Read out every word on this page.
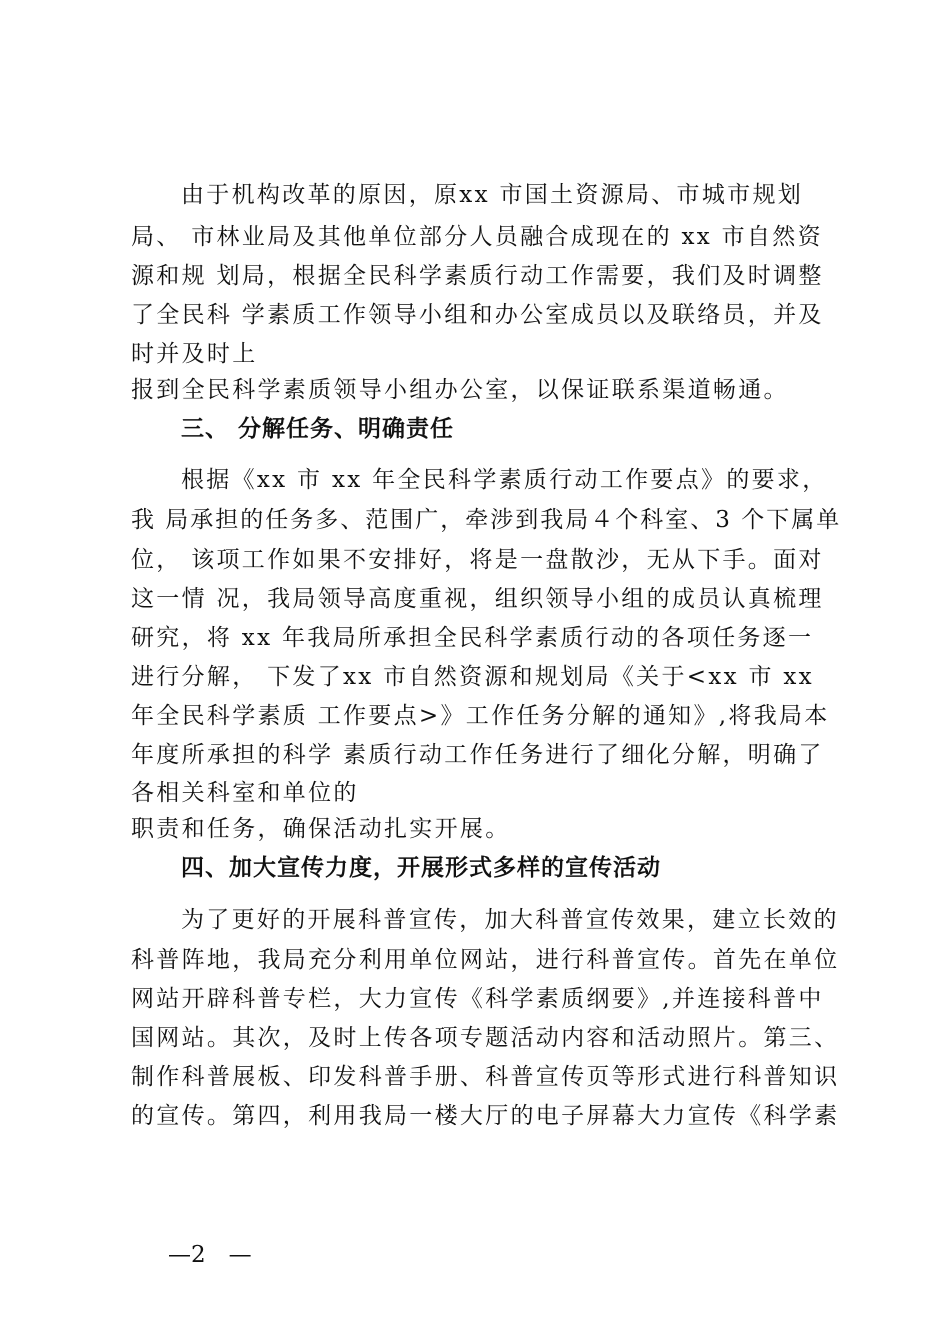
由于机构改革的原因，原xx 市国土资源局、市城市规划
局、 市林业局及其他单位部分人员融合成现在的 xx 市自然资
源和规 划局，根据全民科学素质行动工作需要，我们及时调整
了全民科 学素质工作领导小组和办公室成员以及联络员，并及
时并及时上
报到全民科学素质领导小组办公室，以保证联系渠道畅通。
三、 分解任务、明确责任
根据《xx 市 xx 年全民科学素质行动工作要点》的要求，
我 局承担的任务多、范围广，牵涉到我局４个科室、3 个下属单
位， 该项工作如果不安排好，将是一盘散沙，无从下手。面对
这一情 况，我局领导高度重视，组织领导小组的成员认真梳理
研究，将 xx 年我局所承担全民科学素质行动的各项任务逐一
进行分解， 下发了xx 市自然资源和规划局《关于<xx 市 xx
年全民科学素质 工作要点>》工作任务分解的通知》,将我局本
年度所承担的科学 素质行动工作任务进行了细化分解，明确了
各相关科室和单位的
职责和任务，确保活动扎实开展。
四、加大宣传力度，开展形式多样的宣传活动
为了更好的开展科普宣传，加大科普宣传效果，建立长效的
科普阵地，我局充分利用单位网站，进行科普宣传。首先在单位
网站开辟科普专栏，大力宣传《科学素质纲要》,并连接科普中
国网站。其次，及时上传各项专题活动内容和活动照片。第三、
制作科普展板、印发科普手册、科普宣传页等形式进行科普知识
的宣传。第四，利用我局一楼大厅的电子屏幕大力宣传《科学素
—2　—
